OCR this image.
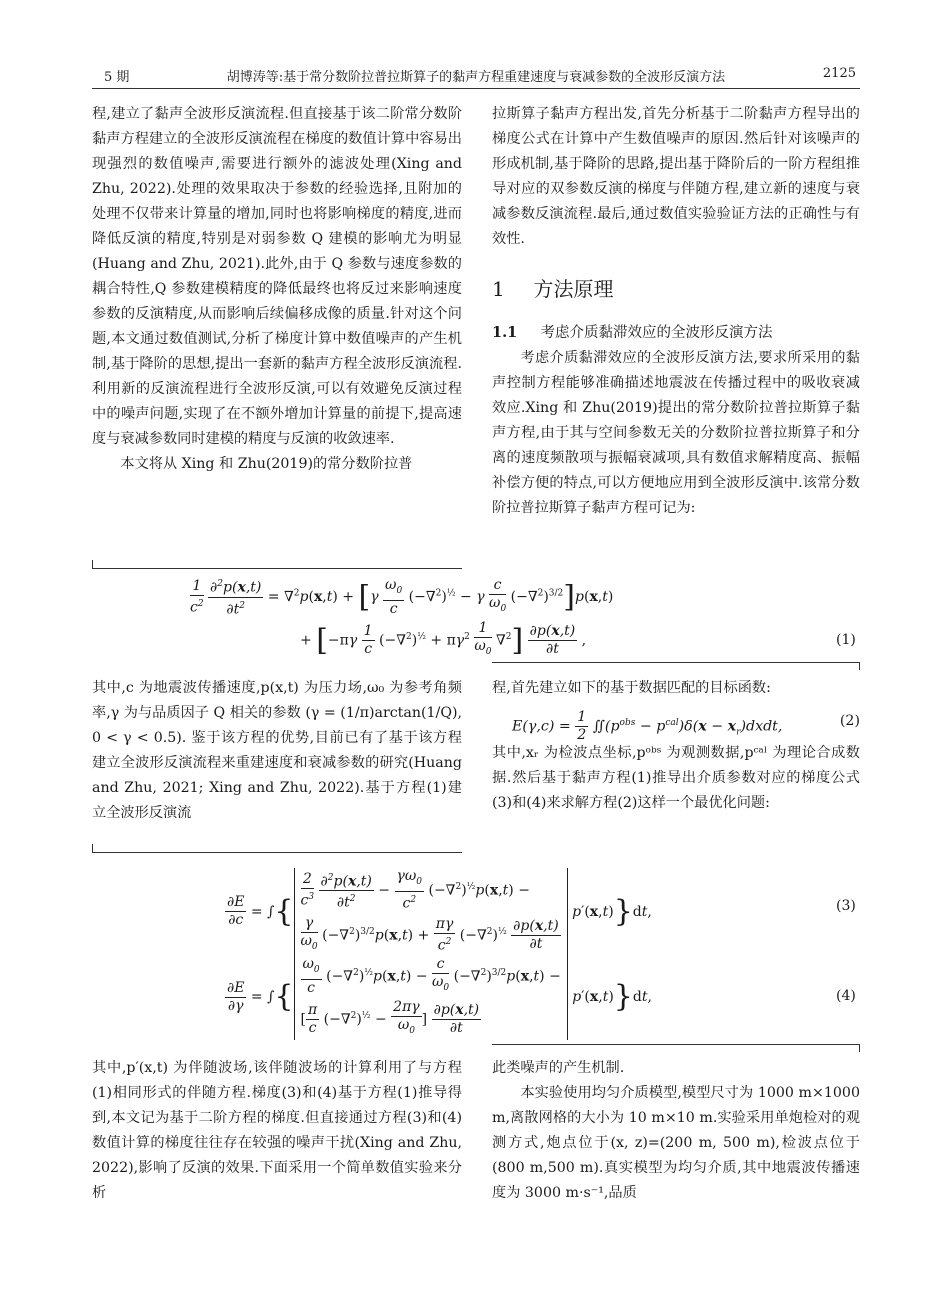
5 期	胡博涛等:基于常分数阶拉普拉斯算子的黏声方程重建速度与衰减参数的全波形反演方法	2125

程,建立了黏声全波形反演流程.但直接基于该二阶常分数阶黏声方程建立的全波形反演流程在梯度的数值计算中容易出现强烈的数值噪声,需要进行额外的滤波处理(Xing and Zhu, 2022).处理的效果取决于参数的经验选择,且附加的处理不仅带来计算量的增加,同时也将影响梯度的精度,进而降低反演的精度,特别是对弱参数 Q 建模的影响尤为明显(Huang and Zhu, 2021).此外,由于 Q 参数与速度参数的耦合特性,Q 参数建模精度的降低最终也将反过来影响速度参数的反演精度,从而影响后续偏移成像的质量.针对这个问题,本文通过数值测试,分析了梯度计算中数值噪声的产生机制,基于降阶的思想,提出一套新的黏声方程全波形反演流程.利用新的反演流程进行全波形反演,可以有效避免反演过程中的噪声问题,实现了在不额外增加计算量的前提下,提高速度与衰减参数同时建模的精度与反演的收敛速率.

本文将从 Xing 和 Zhu(2019)的常分数阶拉普

拉斯算子黏声方程出发,首先分析基于二阶黏声方程导出的梯度公式在计算中产生数值噪声的原因.然后针对该噪声的形成机制,基于降阶的思路,提出基于降阶后的一阶方程组推导对应的双参数反演的梯度与伴随方程,建立新的速度与衰减参数反演流程.最后,通过数值实验验证方法的正确性与有效性.

1 方法原理
1.1 考虑介质黏滞效应的全波形反演方法

考虑介质黏滞效应的全波形反演方法,要求所采用的黏声控制方程能够准确描述地震波在传播过程中的吸收衰减效应.Xing 和 Zhu(2019)提出的常分数阶拉普拉斯算子黏声方程,由于其与空间参数无关的分数阶拉普拉斯算子和分离的速度频散项与振幅衰减项,具有数值求解精度高、振幅补偿方便的特点,可以方便地应用到全波形反演中.该常分数阶拉普拉斯算子黏声方程可记为:

$\frac{1}{c^2}$
$\frac{\partial^2p(x,t)}{\partial t^2} = \nabla^2p(x,t) + [\gamma \frac{\omega_0}{c} (-\nabla^2)^{\frac{1}{2}} - \gamma \frac{c}{\omega_0} (-\nabla^2)^{3/2}]p(x,t)$
+ $[-\pi\gamma \frac{1}{c} (-\nabla^2)^{\frac{1}{2}} + \pi\gamma^2 \frac{1}{\omega_0} \nabla^2] \frac{\partial p(x,t)}{\partial t}$ ,	(1)

其中,c 为地震波传播速度,p(x,t) 为压力场,ω₀ 为参考角频率,γ 为与品质因子 Q 相关的参数 (γ = (1/π)arctan(1/Q), 0 < γ < 0.5). 鉴于该方程的优势,目前已有了基于该方程建立全波形反演流程来重建速度和衰减参数的研究(Huang and Zhu, 2021; Xing and Zhu, 2022).基于方程(1)建立全波形反演流

程,首先建立如下的基于数据匹配的目标函数:

$E(\gamma,c) = \frac{1}{2}$ $∬(p^{obs} - p^{cal})\delta(x$ − $x_r)dxdt$,	(2)

其中,xᵣ 为检波点坐标,pᵒᵇˢ 为观测数据,pᶜᵃˡ 为理论合成数据.然后基于黏声方程(1)推导出介质参数对应的梯度公式(3)和(4)来求解方程(2)这样一个最优化问题:

$\frac{\partial E}{\partial c}$ = ∫{
$\frac{2}{c^3}$
$\frac{\partial^2p(x,t)}{\partial t^2} - \frac{\gamma\omega_0}{c^2} (-\nabla^2)^{\frac{1}{2}}p(x,t)$ −
$\frac{\gamma}{\omega_0} (-\nabla^2)^{3/2}p(x,t) + \frac{\pi\gamma}{c^2} (-\nabla^2)^{\frac{1}{2}} \frac{\partial p(x,t)}{\partial t}$
p′(x,t)}dt,	(3)
$\frac{\partial E}{\partial\gamma}$ = ∫{ $\frac{\omega_0}{c} (-\nabla^2)^{\frac{1}{2}}p(x,t) - \frac{c}{\omega_0} (-\nabla^2)^{3/2}p(x,t)$ −
[ $\frac{\pi}{c} (-\nabla^2)^{\frac{1}{2}} - \frac{2\pi\gamma}{\omega_0}$ ] $\frac{\partial p(x,t)}{\partial t}$
p′(x,t)}dt,	(4)

其中,p′(x,t) 为伴随波场,该伴随波场的计算利用了与方程(1)相同形式的伴随方程.梯度(3)和(4)基于方程(1)推导得到,本文记为基于二阶方程的梯度.但直接通过方程(3)和(4)数值计算的梯度往往存在较强的噪声干扰(Xing and Zhu, 2022),影响了反演的效果.下面采用一个简单数值实验来分析

此类噪声的产生机制.

本实验使用均匀介质模型,模型尺寸为 1000 m×1000 m,离散网格的大小为 10 m×10 m.实验采用单炮检对的观测方式,炮点位于(x, z)=(200 m, 500 m),检波点位于(800 m,500 m).真实模型为均匀介质,其中地震波传播速度为 3000 m·s⁻¹,品质
